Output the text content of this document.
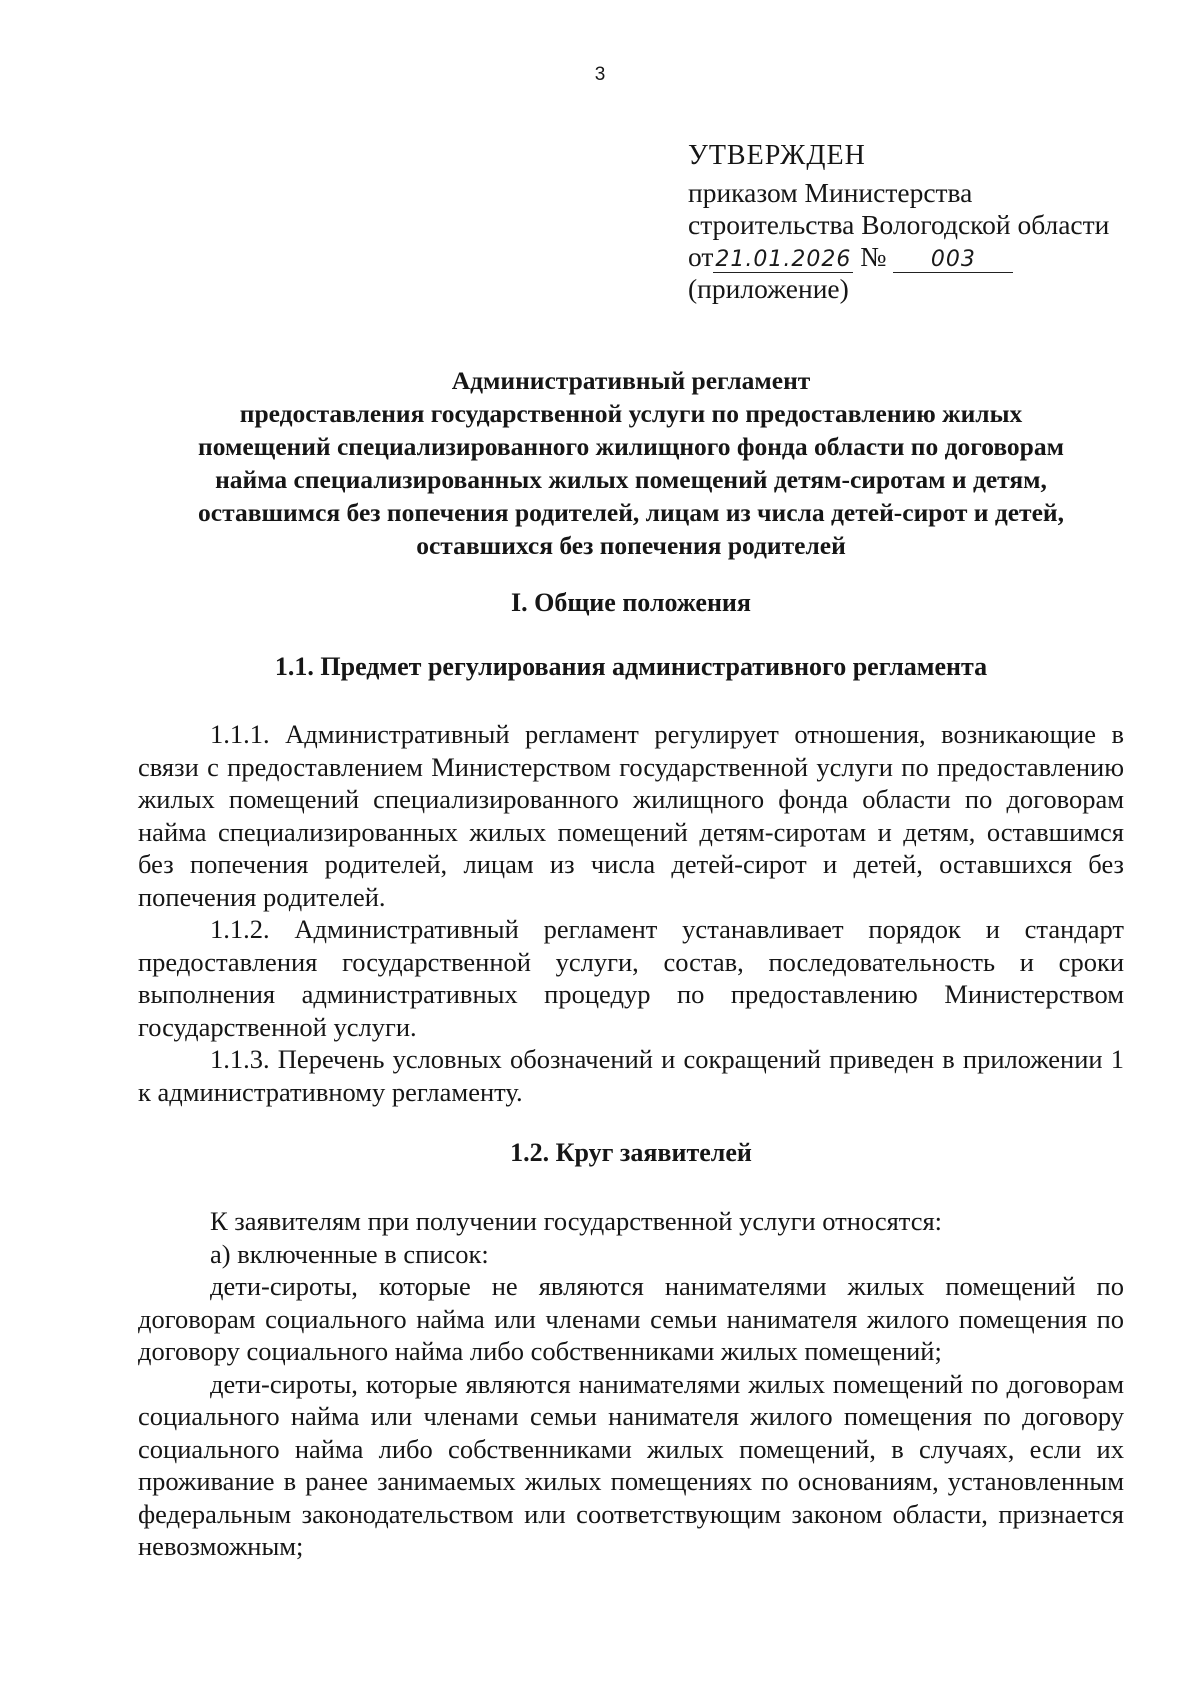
3
УТВЕРЖДЕН
приказом Министерства
строительства Вологодской области
от21.01.2026 № 003
(приложение)
Административный регламент
предоставления государственной услуги по предоставлению жилых
помещений специализированного жилищного фонда области по договорам
найма специализированных жилых помещений детям-сиротам и детям,
оставшимся без попечения родителей, лицам из числа детей-сирот и детей,
оставшихся без попечения родителей
I. Общие положения
1.1. Предмет регулирования административного регламента

1.1.1. Административный регламент регулирует отношения, возникающие в связи с предоставлением Министерством государственной услуги по предоставлению жилых помещений специализированного жилищного фонда области по договорам найма специализированных жилых помещений детям-сиротам и детям, оставшимся без попечения родителей, лицам из числа детей-сирот и детей, оставшихся без попечения родителей.

1.1.2. Административный регламент устанавливает порядок и стандарт предоставления государственной услуги, состав, последовательность и сроки выполнения административных процедур по предоставлению Министерством государственной услуги.

1.1.3. Перечень условных обозначений и сокращений приведен в приложении 1 к административному регламенту.

1.2. Круг заявителей

К заявителям при получении государственной услуги относятся:

а) включенные в список:

дети-сироты, которые не являются нанимателями жилых помещений по договорам социального найма или членами семьи нанимателя жилого помещения по договору социального найма либо собственниками жилых помещений;

дети-сироты, которые являются нанимателями жилых помещений по договорам социального найма или членами семьи нанимателя жилого помещения по договору социального найма либо собственниками жилых помещений, в случаях, если их проживание в ранее занимаемых жилых помещениях по основаниям, установленным федеральным законодательством или соответствующим законом области, признается невозможным;
